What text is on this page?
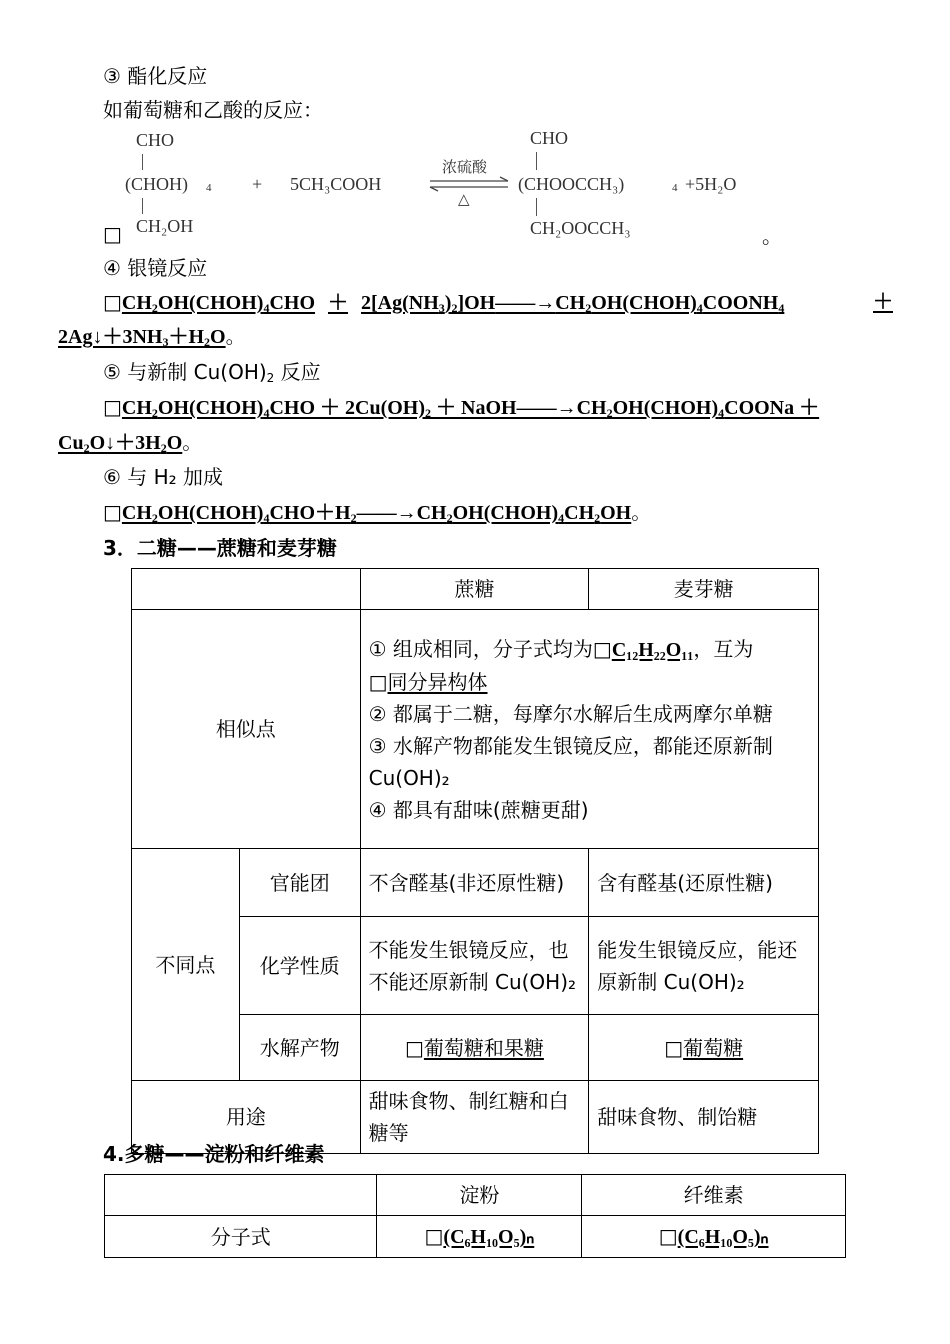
③ 酯化反应
如葡萄糖和乙酸的反应：
CHO
(CHOH) 4
CH₂OH
+ 5CH₃COOH
浓硫酸
△
CHO
(CHOOCCH₃)	4 +5H₂O
CH₂OOCCH₃
□	。
④ 银镜反应
$□CH_2OH(CHOH)_4CHO$ ＋ $2[Ag(NH_3)_2]OH——\to CH_2OH(CHOH)_4COONH_4$	＋
$2Ag↓+3NH_3+H_2O$。
⑤ 与新制 $Cu(OH)_2$ 反应
$□CH_2OH(CHOH)_4CHO + 2Cu(OH)_2$ ＋ $NaOH——\to CH_2OH(CHOH)_4COONa$ ＋
$Cu_2O↓+3H_2O$。
⑥ 与 H₂ 加成
$□CH_2OH(CHOH)_4CHO+H_2——\to CH_2OH(CHOH)_4CH_2OH$。
3．二糖——蔗糖和麦芽糖
		蔗糖	麦芽糖
相似点		① 组成相同，分子式均为□C₁₂H₂₂O₁₁，互为
□同分异构体
② 都属于二糖，每摩尔水解后生成两摩尔单糖
③ 水解产物都能发生银镜反应，都能还原新制 Cu(OH)₂
④ 都具有甜味(蔗糖更甜)	

不同点	官能团	不含醛基(非还原性糖)	含有醛基(还原性糖)
	化学性质	不能发生银镜反应，也不能还原新制 Cu(OH)₂	能发生银镜反应，能还原新制 Cu(OH)₂
	水解产物	□葡萄糖和果糖	□葡萄糖
用途		甜味食物、制红糖和白糖等	甜味食物、制饴糖
4.多糖——淀粉和纤维素
	淀粉	纤维素
分子式	□(C₆H₁₀O₅)ₙ	□(C₆H₁₀O₅)ₙ
